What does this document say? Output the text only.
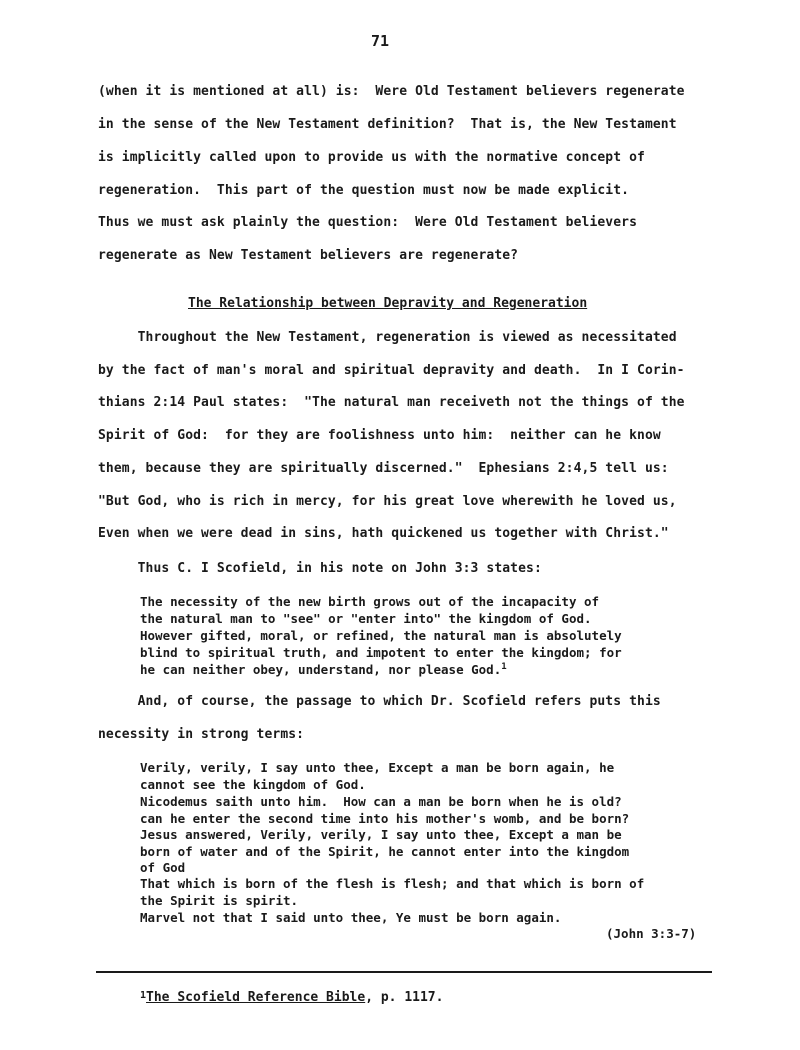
71
(when it is mentioned at all) is:  Were Old Testament believers regenerate
in the sense of the New Testament definition?  That is, the New Testament
is implicitly called upon to provide us with the normative concept of
regeneration.  This part of the question must now be made explicit.
Thus we must ask plainly the question:  Were Old Testament believers
regenerate as New Testament believers are regenerate?
The Relationship between Depravity and Regeneration
Throughout the New Testament, regeneration is viewed as necessitated
by the fact of man's moral and spiritual depravity and death.  In I Corin-
thians 2:14 Paul states:  "The natural man receiveth not the things of the
Spirit of God:  for they are foolishness unto him:  neither can he know
them, because they are spiritually discerned."  Ephesians 2:4,5 tell us:
"But God, who is rich in mercy, for his great love wherewith he loved us,
Even when we were dead in sins, hath quickened us together with Christ."
Thus C. I Scofield, in his note on John 3:3 states:
The necessity of the new birth grows out of the incapacity of
the natural man to "see" or "enter into" the kingdom of God.
However gifted, moral, or refined, the natural man is absolutely
blind to spiritual truth, and impotent to enter the kingdom; for
he can neither obey, understand, nor please God.$^1$
And, of course, the passage to which Dr. Scofield refers puts this
necessity in strong terms:
Verily, verily, I say unto thee, Except a man be born again, he
cannot see the kingdom of God.
Nicodemus saith unto him.  How can a man be born when he is old?
can he enter the second time into his mother's womb, and be born?
Jesus answered, Verily, verily, I say unto thee, Except a man be
born of water and of the Spirit, he cannot enter into the kingdom
of God
That which is born of the flesh is flesh; and that which is born of
the Spirit is spirit.
Marvel not that I said unto thee, Ye must be born again.
(John 3:3-7)
$^1$The Scofield Reference Bible, p. 1117.
